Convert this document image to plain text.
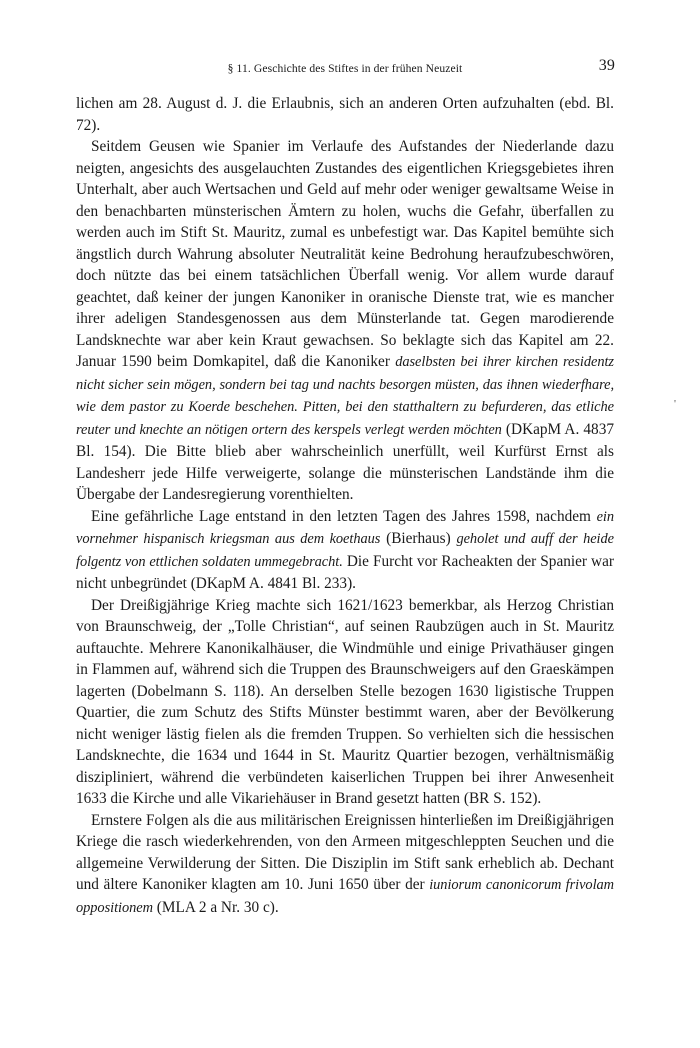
§ 11. Geschichte des Stiftes in der frühen Neuzeit	39
'

lichen am 28. August d. J. die Erlaubnis, sich an anderen Orten aufzuhalten (ebd. Bl. 72).

Seitdem Geusen wie Spanier im Verlaufe des Aufstandes der Niederlande dazu neigten, angesichts des ausgelauchten Zustandes des eigentlichen Kriegsgebietes ihren Unterhalt, aber auch Wertsachen und Geld auf mehr oder weniger gewaltsame Weise in den benachbarten münsterischen Ämtern zu holen, wuchs die Gefahr, überfallen zu werden auch im Stift St. Mauritz, zumal es unbefestigt war. Das Kapitel bemühte sich ängstlich durch Wahrung absoluter Neutralität keine Bedrohung heraufzubeschwören, doch nützte das bei einem tatsächlichen Überfall wenig. Vor allem wurde darauf geachtet, daß keiner der jungen Kanoniker in oranische Dienste trat, wie es mancher ihrer adeligen Standesgenossen aus dem Münsterlande tat. Gegen marodierende Landsknechte war aber kein Kraut gewachsen. So beklagte sich das Kapitel am 22. Januar 1590 beim Domkapitel, daß die Kanoniker daselbsten bei ihrer kirchen residentz nicht sicher sein mögen, sondern bei tag und nachts besorgen müsten, das ihnen wiederfhare, wie dem pastor zu Koerde beschehen. Pitten, bei den statthaltern zu befurderen, das etliche reuter und knechte an nötigen ortern des kerspels verlegt werden möchten (DKapM A. 4837 Bl. 154). Die Bitte blieb aber wahrscheinlich unerfüllt, weil Kurfürst Ernst als Landesherr jede Hilfe verweigerte, solange die münsterischen Landstände ihm die Übergabe der Landesregierung vorenthielten.

Eine gefährliche Lage entstand in den letzten Tagen des Jahres 1598, nachdem ein vornehmer hispanisch kriegsman aus dem koethaus (Bierhaus) geholet und auff der heide folgentz von ettlichen soldaten ummegebracht. Die Furcht vor Racheakten der Spanier war nicht unbegründet (DKapM A. 4841 Bl. 233).

Der Dreißigjährige Krieg machte sich 1621/1623 bemerkbar, als Herzog Christian von Braunschweig, der „Tolle Christian“, auf seinen Raubzügen auch in St. Mauritz auftauchte. Mehrere Kanonikalhäuser, die Windmühle und einige Privathäuser gingen in Flammen auf, während sich die Truppen des Braunschweigers auf den Graeskämpen lagerten (Dobelmann S. 118). An derselben Stelle bezogen 1630 ligistische Truppen Quartier, die zum Schutz des Stifts Münster bestimmt waren, aber der Bevölkerung nicht weniger lästig fielen als die fremden Truppen. So verhielten sich die hessischen Landsknechte, die 1634 und 1644 in St. Mauritz Quartier bezogen, verhältnismäßig diszipliniert, während die verbündeten kaiserlichen Truppen bei ihrer Anwesenheit 1633 die Kirche und alle Vikariehäuser in Brand gesetzt hatten (BR S. 152).

Ernstere Folgen als die aus militärischen Ereignissen hinterließen im Dreißigjährigen Kriege die rasch wiederkehrenden, von den Armeen mitgeschleppten Seuchen und die allgemeine Verwilderung der Sitten. Die Disziplin im Stift sank erheblich ab. Dechant und ältere Kanoniker klagten am 10. Juni 1650 über der iuniorum canonicorum frivolam oppositionem (MLA 2 a Nr. 30 c).
